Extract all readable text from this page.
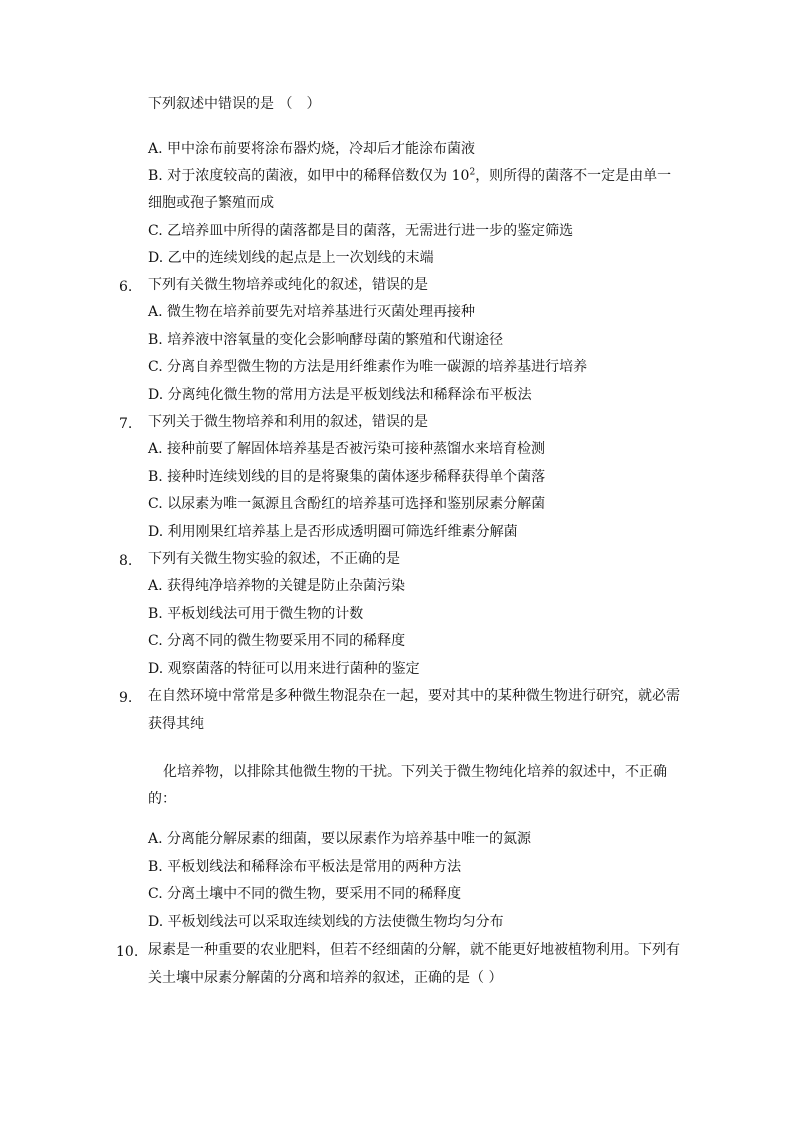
下列叙述中错误的是 （　）
A. 甲中涂布前要将涂布器灼烧，冷却后才能涂布菌液
B. 对于浓度较高的菌液，如甲中的稀释倍数仅为 $10^2$，则所得的菌落不一定是由单一
细胞或孢子繁殖而成
C. 乙培养皿中所得的菌落都是目的菌落，无需进行进一步的鉴定筛选
D. 乙中的连续划线的起点是上一次划线的末端
6. 下列有关微生物培养或纯化的叙述，错误的是
A. 微生物在培养前要先对培养基进行灭菌处理再接种
B. 培养液中溶氧量的变化会影响酵母菌的繁殖和代谢途径
C. 分离自养型微生物的方法是用纤维素作为唯一碳源的培养基进行培养
D. 分离纯化微生物的常用方法是平板划线法和稀释涂布平板法
7. 下列关于微生物培养和利用的叙述，错误的是
A. 接种前要了解固体培养基是否被污染可接种蒸馏水来培育检测
B. 接种时连续划线的目的是将聚集的菌体逐步稀释获得单个菌落
C. 以尿素为唯一氮源且含酚红的培养基可选择和鉴别尿素分解菌
D. 利用刚果红培养基上是否形成透明圈可筛选纤维素分解菌
8. 下列有关微生物实验的叙述，不正确的是
A. 获得纯净培养物的关键是防止杂菌污染
B. 平板划线法可用于微生物的计数
C. 分离不同的微生物要采用不同的稀释度
D. 观察菌落的特征可以用来进行菌种的鉴定
9. 在自然环境中常常是多种微生物混杂在一起，要对其中的某种微生物进行研究，就必需
获得其纯
化培养物，以排除其他微生物的干扰。下列关于微生物纯化培养的叙述中，不正确
的：
A. 分离能分解尿素的细菌，要以尿素作为培养基中唯一的氮源
B. 平板划线法和稀释涂布平板法是常用的两种方法
C. 分离土壤中不同的微生物，要采用不同的稀释度
D. 平板划线法可以采取连续划线的方法使微生物均匀分布
10. 尿素是一种重要的农业肥料，但若不经细菌的分解，就不能更好地被植物利用。下列有
关土壤中尿素分解菌的分离和培养的叙述，正确的是（ ）
